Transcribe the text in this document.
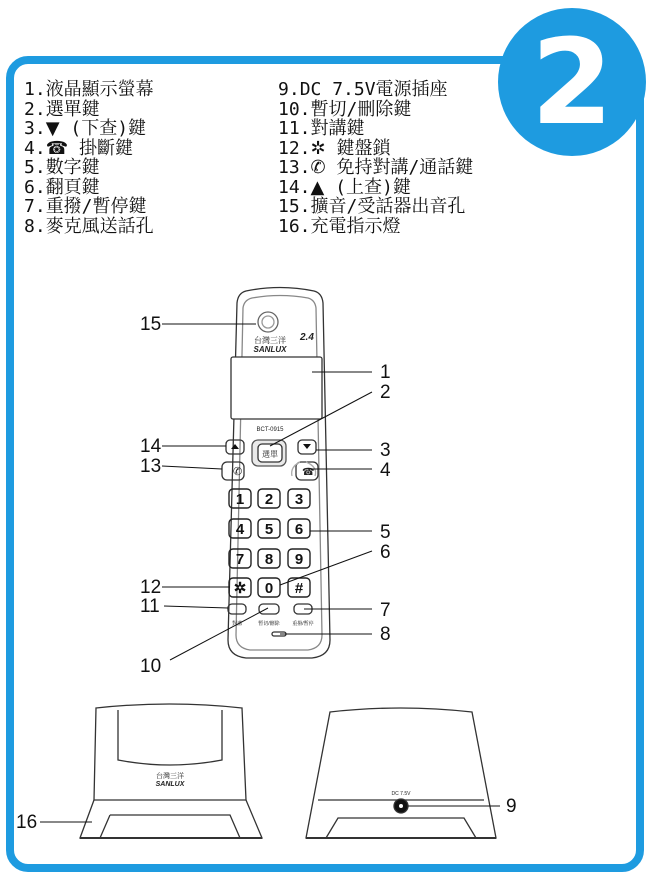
2
1.液晶顯示螢幕
2.選單鍵
3.▼ (下查)鍵
4.☎ 掛斷鍵
5.數字鍵
6.翻頁鍵
7.重撥/暫停鍵
8.麥克風送話孔
9.DC 7.5V電源插座
10.暫切/刪除鍵
11.對講鍵
12.✲ 鍵盤鎖
13.✆ 免持對講/通話鍵
14.▲ (上查)鍵
15.擴音/受話器出音孔
16.充電指示燈
台灣三洋
SANLUX
2.4
BCT-0915
選單
✆	☎
1 2 3
4 5 6
7 8 9
✲ 0 #
對講	暫切/刪除	重撥/暫停
台灣三洋
SANLUX
DC 7.5V
1
2
3
4
5
6
7
8
9
10
11
12
13
14
15
16
